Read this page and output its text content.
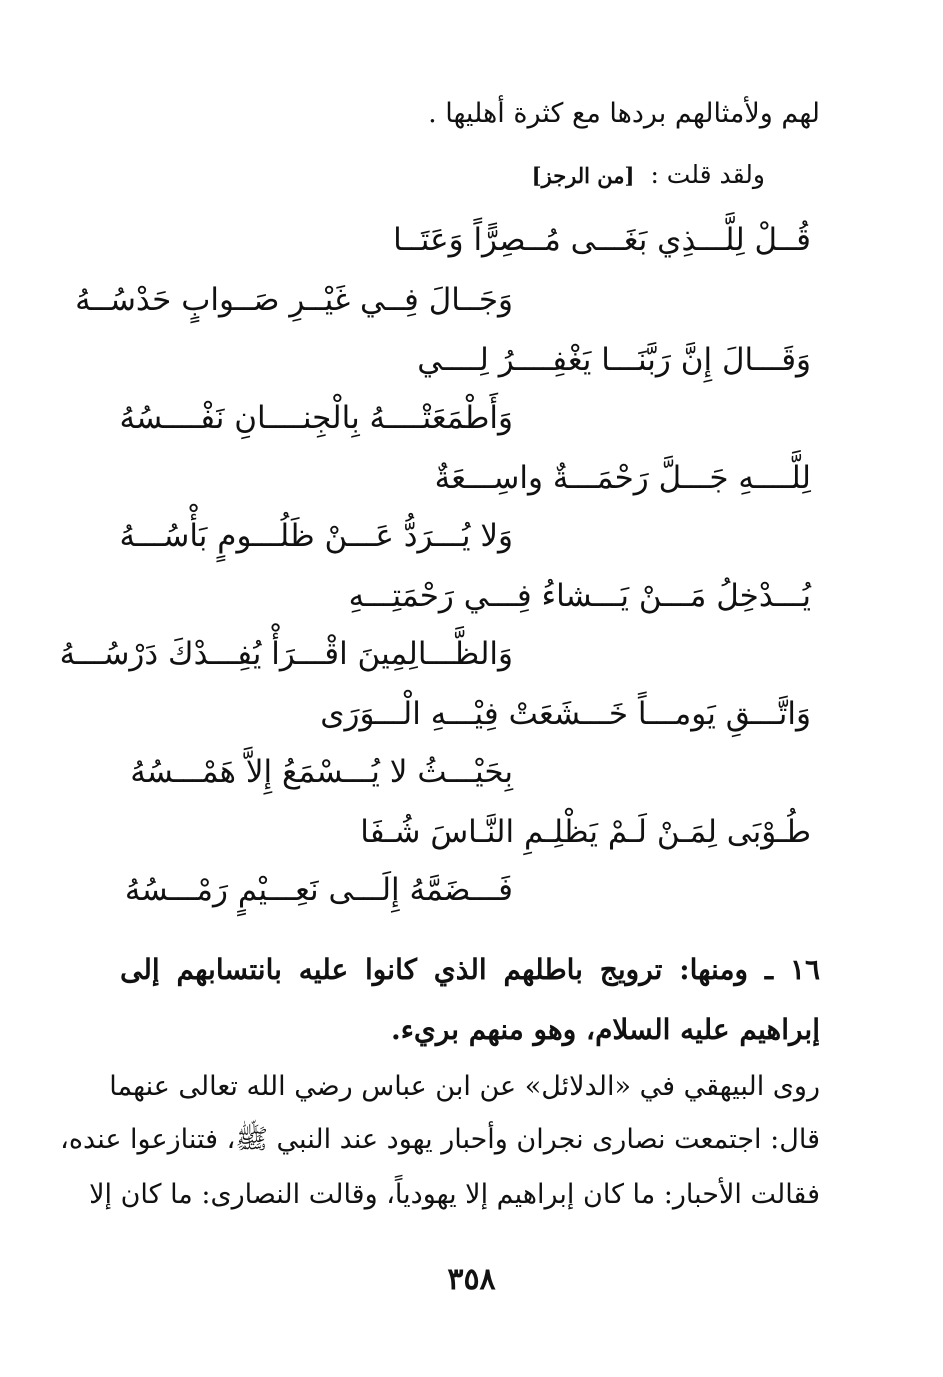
لهم ولأمثالهم بردها مع كثرة أهليها .
ولقد قلت : [من الرجز]
قُــلْ لِلَّـــذِي بَغَـــى مُــصِرًّاً وَعَتَــا
وَجَــالَ فِــي غَيْــرِ صَــوابٍ حَدْسُــهُ
وَقَـــالَ إِنَّ رَبَّنَـــا يَغْفِــــرُ لِــــي
وَأَطْمَعَتْــــهُ بِالْجِنــــانِ نَفْــــسُهُ
لِلَّــــهِ جَـــلَّ رَحْمَـــةٌ واسِـــعَةٌ
وَلا يُـــرَدُّ عَـــنْ ظَلُـــومٍ بَأْسُـــهُ
يُـــدْخِلُ مَـــنْ يَـــشاءُ فِـــي رَحْمَتِـــهِ
وَالظَّـــالِمِينَ اقْـــرَأْ يُفِـــدْكَ دَرْسُـــهُ
وَاتَّـــقِ يَومـــاً خَـــشَعَتْ فِيْـــهِ الْـــوَرَى
بِحَيْـــثُ لا يُـــسْمَعُ إِلاَّ هَمْـــسُهُ
طُـوْبَى لِمَـنْ لَـمْ يَظْلِـمِ النَّـاسَ شُـفَا
فَـــضَمَّهُ إِلَـــى نَعِـــيْمٍ رَمْـــسُهُ
١٦ ـ ومنها: ترويج باطلهم الذي كانوا عليه بانتسابهم إلى
إبراهيم عليه السلام، وهو منهم بريء.
روى البيهقي في «الدلائل» عن ابن عباس رضي الله تعالى عنهما
قال: اجتمعت نصارى نجران وأحبار يهود عند النبي ﷺ، فتنازعوا عنده،
فقالت الأحبار: ما كان إبراهيم إلا يهودياً، وقالت النصارى: ما كان إلا
٣٥٨
